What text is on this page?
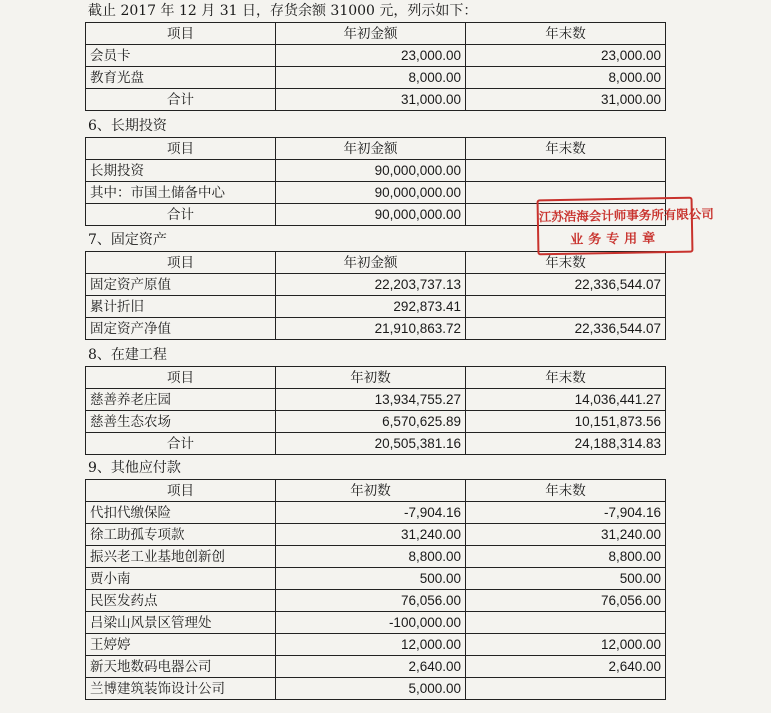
截止 2017 年 12 月 31 日，存货余额 31000 元，列示如下：
项目	年初金额	年末数
会员卡	23,000.00	23,000.00
教育光盘	8,000.00	8,000.00
合计	31,000.00	31,000.00
6、长期投资
项目	年初金额	年末数
长期投资	90,000,000.00	
其中：市国土储备中心	90,000,000.00	
合计	90,000,000.00	
7、固定资产
项目	年初金额	年末数
固定资产原值	22,203,737.13	22,336,544.07
累计折旧	292,873.41	
固定资产净值	21,910,863.72	22,336,544.07
8、在建工程
项目	年初数	年末数
慈善养老庄园	13,934,755.27	14,036,441.27
慈善生态农场	6,570,625.89	10,151,873.56
合计	20,505,381.16	24,188,314.83
9、其他应付款
项目	年初数	年末数
代扣代缴保险	-7,904.16	-7,904.16
徐工助孤专项款	31,240.00	31,240.00
振兴老工业基地创新创	8,800.00	8,800.00
贾小南	500.00	500.00
民医发药点	76,056.00	76,056.00
吕梁山风景区管理处	-100,000.00	
王婷婷	12,000.00	12,000.00
新天地数码电器公司	2,640.00	2,640.00
兰博建筑装饰设计公司	5,000.00	
江苏浩海会计师事务所有限公司
业务专用章
